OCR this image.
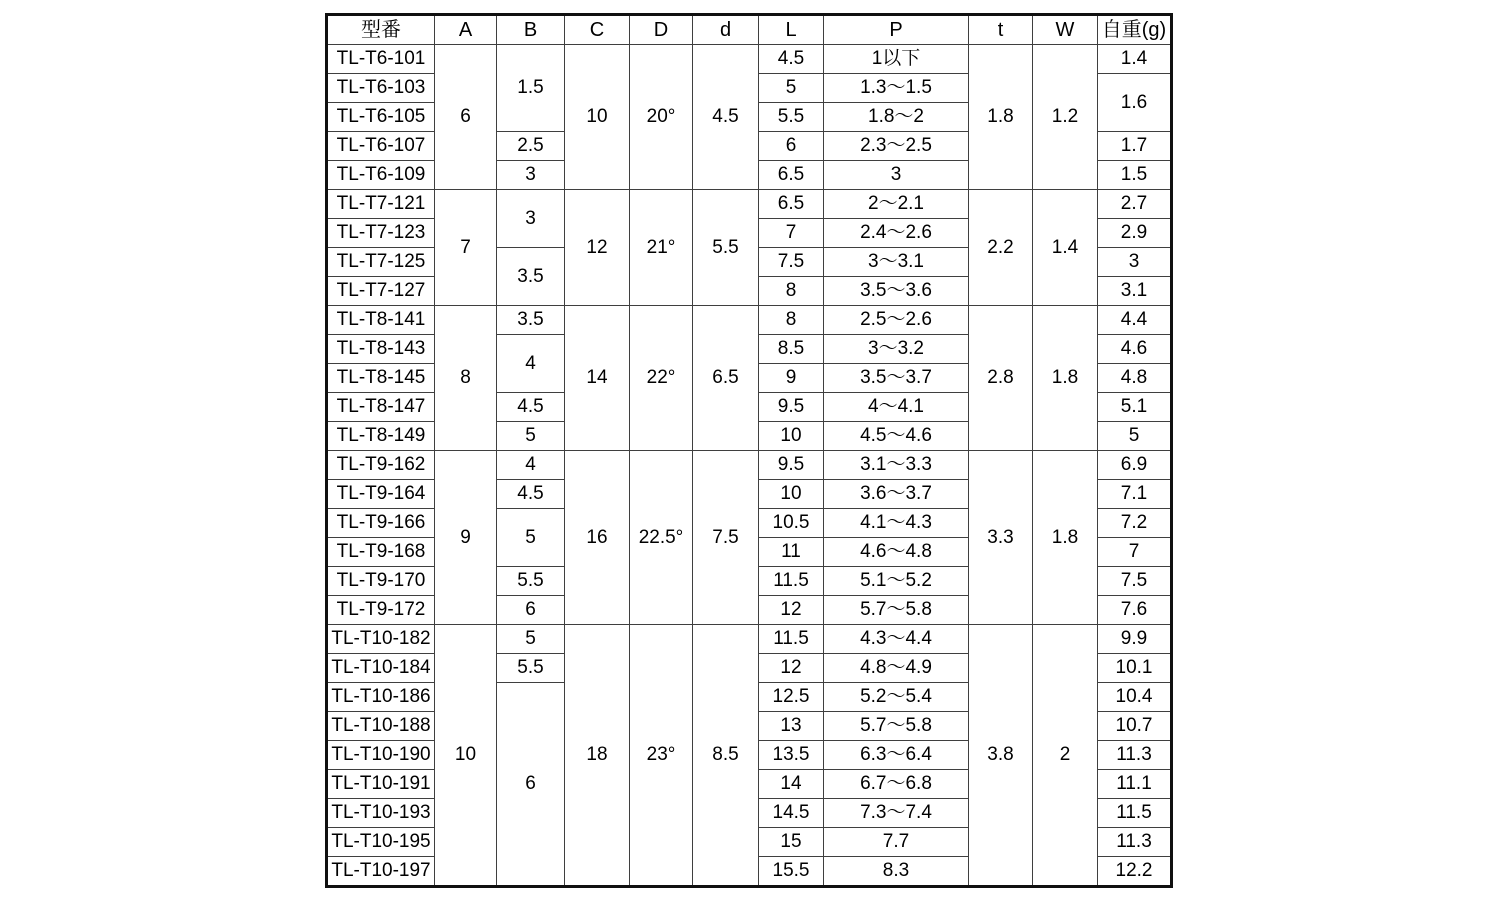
型番	A	B	C	D	d	L	P	t	W	自重(g)
TL-T6-101	6	1.5	10	20°	4.5	4.5	1以下	1.8	1.2	1.4
TL-T6-103						5	1.3～1.5			1.6
TL-T6-105						5.5	1.8～2			
TL-T6-107		2.5				6	2.3～2.5			1.7
TL-T6-109		3				6.5	3			1.5
TL-T7-121	7	3	12	21°	5.5	6.5	2～2.1	2.2	1.4	2.7
TL-T7-123						7	2.4～2.6			2.9
TL-T7-125		3.5				7.5	3～3.1			3
TL-T7-127						8	3.5～3.6			3.1
TL-T8-141	8	3.5	14	22°	6.5	8	2.5～2.6	2.8	1.8	4.4
TL-T8-143		4				8.5	3～3.2			4.6
TL-T8-145						9	3.5～3.7			4.8
TL-T8-147		4.5				9.5	4～4.1			5.1
TL-T8-149		5				10	4.5～4.6			5
TL-T9-162	9	4	16	22.5°	7.5	9.5	3.1～3.3	3.3	1.8	6.9
TL-T9-164		4.5				10	3.6～3.7			7.1
TL-T9-166		5				10.5	4.1～4.3			7.2
TL-T9-168						11	4.6～4.8			7
TL-T9-170		5.5				11.5	5.1～5.2			7.5
TL-T9-172		6				12	5.7～5.8			7.6
TL-T10-182	10	5	18	23°	8.5	11.5	4.3～4.4	3.8	2	9.9
TL-T10-184		5.5				12	4.8～4.9			10.1
TL-T10-186		6				12.5	5.2～5.4			10.4
TL-T10-188						13	5.7～5.8			10.7
TL-T10-190						13.5	6.3～6.4			11.3
TL-T10-191						14	6.7～6.8			11.1
TL-T10-193						14.5	7.3～7.4			11.5
TL-T10-195						15	7.7			11.3
TL-T10-197						15.5	8.3			12.2
